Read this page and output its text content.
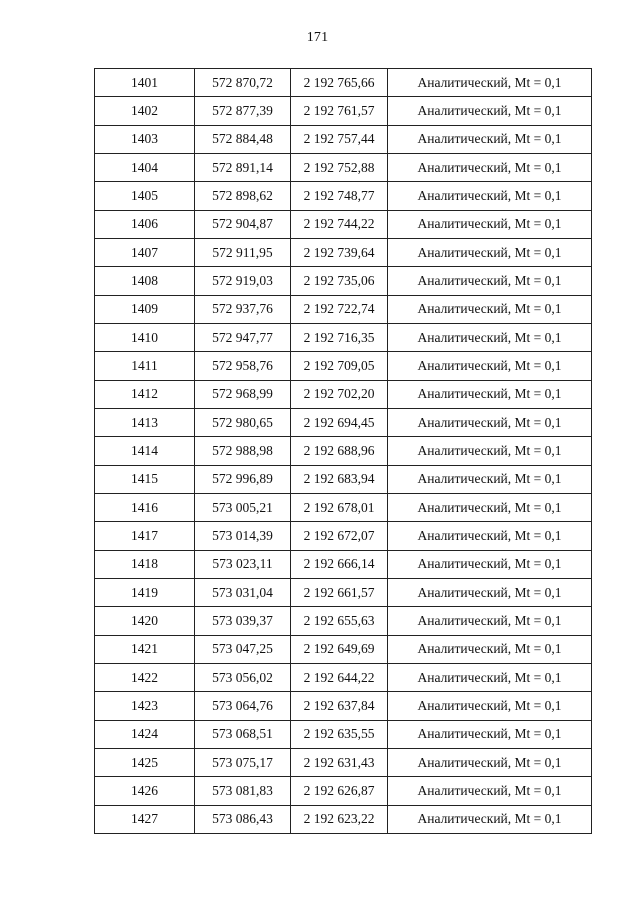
171
1401	572 870,72	2 192 765,66	Аналитический, Mt = 0,1
1402	572 877,39	2 192 761,57	Аналитический, Mt = 0,1
1403	572 884,48	2 192 757,44	Аналитический, Mt = 0,1
1404	572 891,14	2 192 752,88	Аналитический, Mt = 0,1
1405	572 898,62	2 192 748,77	Аналитический, Mt = 0,1
1406	572 904,87	2 192 744,22	Аналитический, Mt = 0,1
1407	572 911,95	2 192 739,64	Аналитический, Mt = 0,1
1408	572 919,03	2 192 735,06	Аналитический, Mt = 0,1
1409	572 937,76	2 192 722,74	Аналитический, Mt = 0,1
1410	572 947,77	2 192 716,35	Аналитический, Mt = 0,1
1411	572 958,76	2 192 709,05	Аналитический, Mt = 0,1
1412	572 968,99	2 192 702,20	Аналитический, Mt = 0,1
1413	572 980,65	2 192 694,45	Аналитический, Mt = 0,1
1414	572 988,98	2 192 688,96	Аналитический, Mt = 0,1
1415	572 996,89	2 192 683,94	Аналитический, Mt = 0,1
1416	573 005,21	2 192 678,01	Аналитический, Mt = 0,1
1417	573 014,39	2 192 672,07	Аналитический, Mt = 0,1
1418	573 023,11	2 192 666,14	Аналитический, Mt = 0,1
1419	573 031,04	2 192 661,57	Аналитический, Mt = 0,1
1420	573 039,37	2 192 655,63	Аналитический, Mt = 0,1
1421	573 047,25	2 192 649,69	Аналитический, Mt = 0,1
1422	573 056,02	2 192 644,22	Аналитический, Mt = 0,1
1423	573 064,76	2 192 637,84	Аналитический, Mt = 0,1
1424	573 068,51	2 192 635,55	Аналитический, Mt = 0,1
1425	573 075,17	2 192 631,43	Аналитический, Mt = 0,1
1426	573 081,83	2 192 626,87	Аналитический, Mt = 0,1
1427	573 086,43	2 192 623,22	Аналитический, Mt = 0,1
